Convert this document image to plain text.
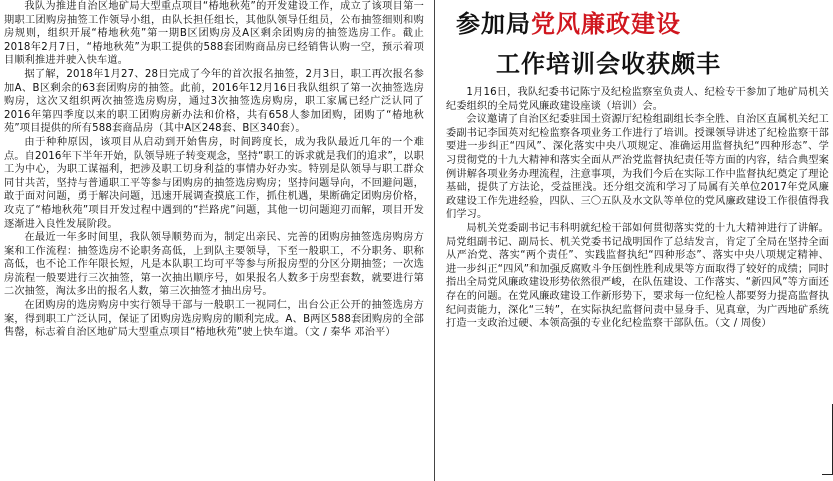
我队为推进自治区地矿局大型重点项目“椿地秋苑”的开发建设工作，成立了该项目第一期职工团购房抽签工作领导小组，由队长担任组长，其他队领导任组员，公布抽签细则和购房规则，组织开展“椿地秋苑”第一期B区团购房及A区剩余团购房的抽签选房工作。截止2018年2月7日，“椿地秋苑”为职工提供的588套团购商品房已经销售认购一空，预示着项目顺利推进并驶入快车道。

据了解，2018年1月27、28日完成了今年的首次报名抽签，2月3日，职工再次报名参加A、B区剩余的63套团购房的抽签。此前，2016年12月16日我队组织了第一次抽签选房购房，这次又组织两次抽签选房购房，通过3次抽签选房购房，职工家属已经广泛认同了2016年第四季度以来的职工团购房新办法和价格，共有658人参加团购，团购了“椿地秋苑”项目提供的所有588套商品房（其中A区248套、B区340套）。

由于种种原因，该项目从启动到开始售房，时间跨度长，成为我队最近几年的一个难点。自2016年下半年开始，队领导班子转变观念，坚持“职工的诉求就是我们的追求”，以职工为中心，为职工谋福利，把涉及职工切身利益的事情办好办实。特别是队领导与职工群众同甘共苦，坚持与普通职工平等参与团购房的抽签选房购房；坚持问题导向，不回避问题，敢于面对问题，勇于解决问题，迅速开展调查摸底工作，抓住机遇，果断确定团购房价格，攻克了“椿地秋苑”项目开发过程中遇到的“拦路虎”问题，其他一切问题迎刃而解，项目开发逐渐进入良性发展阶段。

在最近一年多时间里，我队领导顺势而为，制定出亲民、完善的团购房抽签选房购房方案和工作流程：抽签选房不论职务高低，上到队主要领导，下至一般职工，不分职务、职称高低，也不论工作年限长短，凡是本队职工均可平等参与所报房型的分区分期抽签；一次选房流程一般要进行三次抽签，第一次抽出顺序号，如果报名人数多于房型套数，就要进行第二次抽签，淘汰多出的报名人数，第三次抽签才抽出房号。

在团购房的选房购房中实行领导干部与一般职工一视同仁，出台公正公开的抽签选房方案，得到职工广泛认同，保证了团购房选房购房的顺利完成。A、B两区588套团购房的全部售罄，标志着自治区地矿局大型重点项目“椿地秋苑”驶上快车道。（文 / 秦华 邓治平）

参加局党风廉政建设
工作培训会收获颇丰

1月16日，我队纪委书记陈宁及纪检监察室负责人、纪检专干参加了地矿局机关纪委组织的全局党风廉政建设座谈（培训）会。

会议邀请了自治区纪委驻国土资源厅纪检组副组长李全胜、自治区直属机关纪工委副书记李国英对纪检监察各项业务工作进行了培训。授课领导讲述了纪检监察干部要进一步纠正“四风”、深化落实中央八项规定、准确运用监督执纪“四种形态”、学习贯彻党的十九大精神和落实全面从严治党监督执纪责任等方面的内容，结合典型案例讲解各项业务办理流程，注意事项，为我们今后在实际工作中监督执纪奠定了理论基础，提供了方法论，受益匪浅。还分组交流和学习了局属有关单位2017年党风廉政建设工作先进经验，四队、三〇五队及水文队等单位的党风廉政建设工作很值得我们学习。

局机关党委副书记韦科明就纪检干部如何贯彻落实党的十九大精神进行了讲解。局党组副书记、副局长、机关党委书记战明国作了总结发言，肯定了全局在坚持全面从严治党、落实“两个责任”、实践监督执纪“四种形态”、落实中央八项规定精神、进一步纠正“四风”和加强反腐败斗争压倒性胜利成果等方面取得了较好的成绩；同时指出全局党风廉政建设形势依然很严峻，在队伍建设、工作落实、“新四风”等方面还存在的问题。在党风廉政建设工作新形势下，要求每一位纪检人都要努力提高监督执纪问责能力，深化“三转”，在实际执纪监督问责中显身手、见真章，为广西地矿系统打造一支政治过硬、本领高强的专业化纪检监察干部队伍。（文 / 周俊）
